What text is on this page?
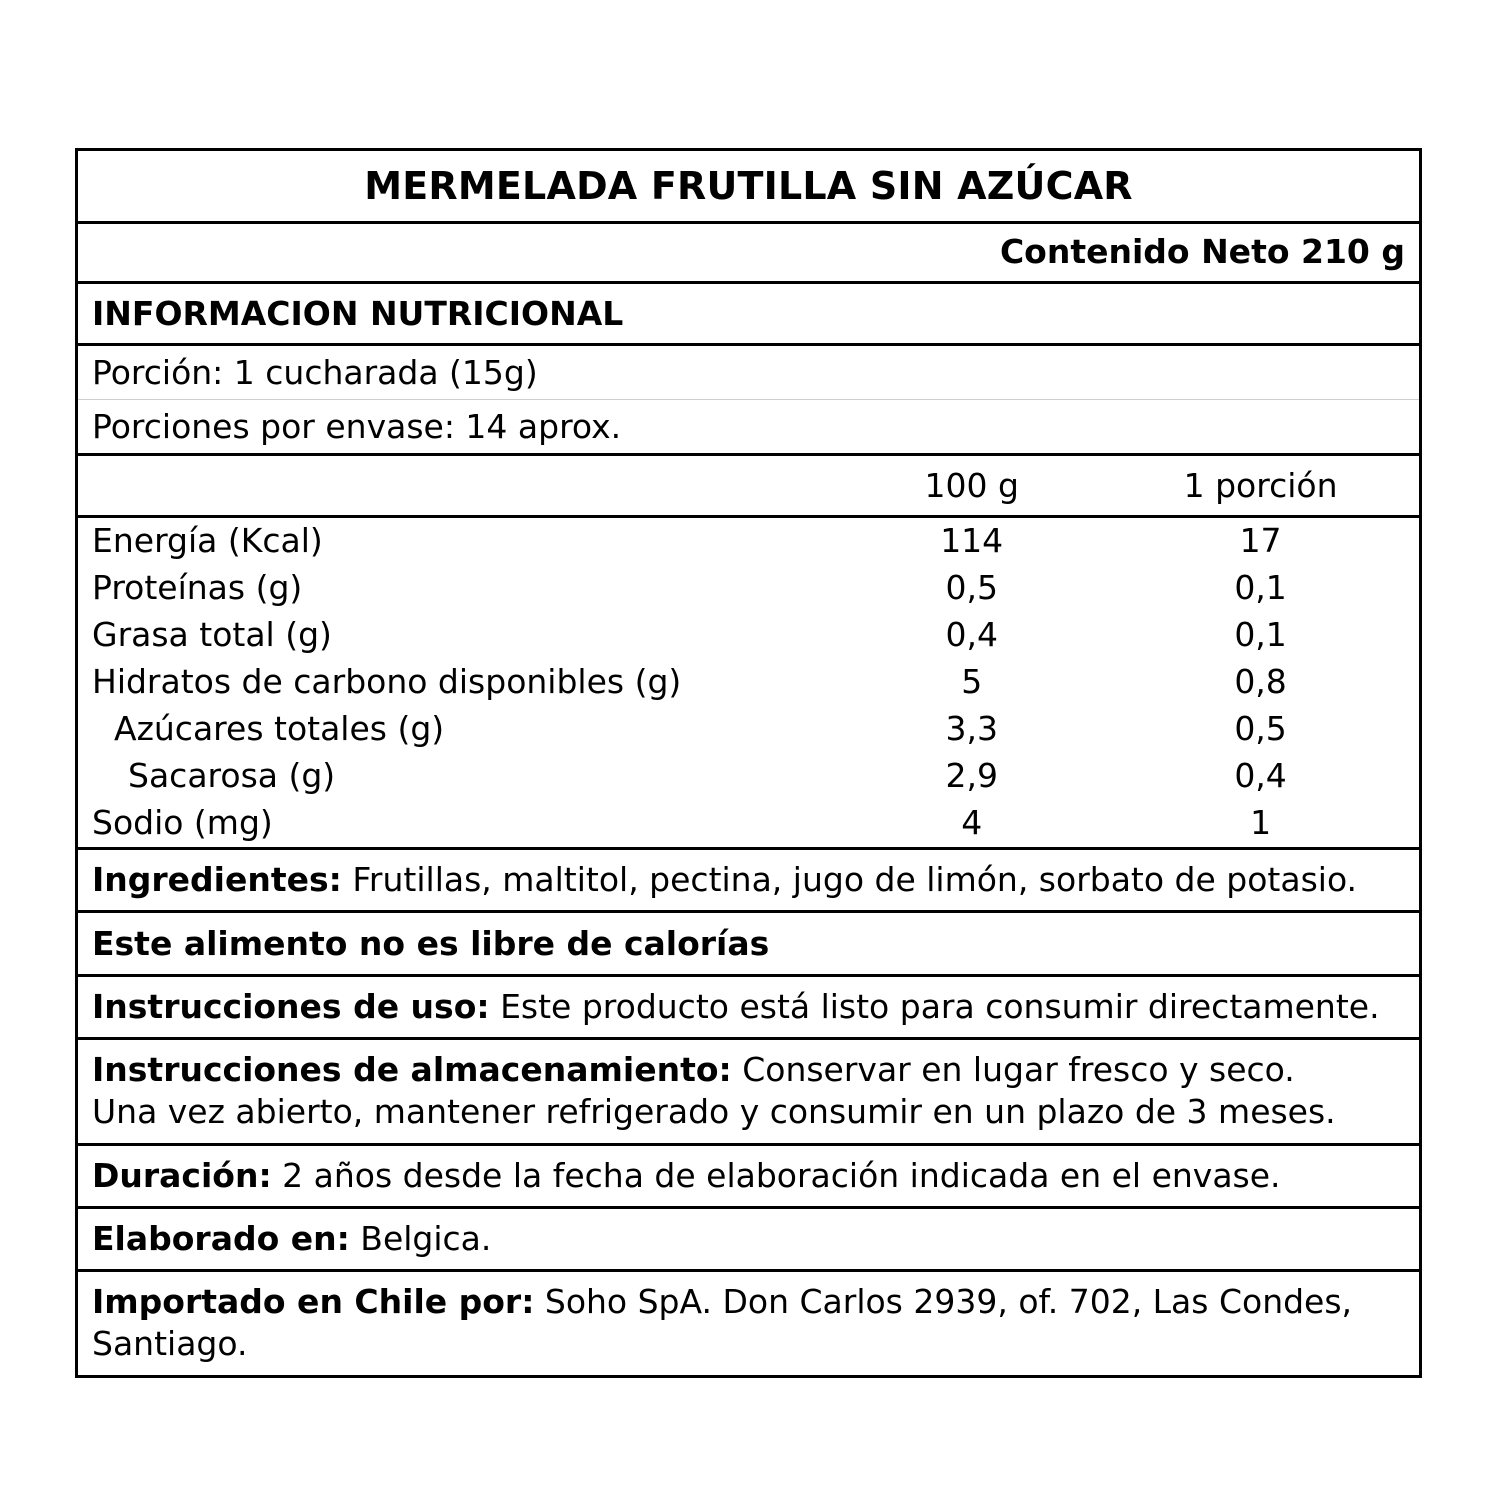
MERMELADA FRUTILLA SIN AZÚCAR
Contenido Neto 210 g
INFORMACION NUTRICIONAL
Porción: 1 cucharada (15g)
Porciones por envase: 14 aprox.
	100 g	1 porción
Energía (Kcal)	114	17
Proteínas (g)	0,5	0,1
Grasa total (g)	0,4	0,1
Hidratos de carbono disponibles (g)	5	0,8
Azúcares totales (g)	3,3	0,5
Sacarosa (g)	2,9	0,4
Sodio (mg)	4	1
Ingredientes: Frutillas, maltitol, pectina, jugo de limón, sorbato de potasio.
Este alimento no es libre de calorías
Instrucciones de uso: Este producto está listo para consumir directamente.
Instrucciones de almacenamiento: Conservar en lugar fresco y seco.
Una vez abierto, mantener refrigerado y consumir en un plazo de 3 meses.
Duración: 2 años desde la fecha de elaboración indicada en el envase.
Elaborado en: Belgica.
Importado en Chile por: Soho SpA. Don Carlos 2939, of. 702, Las Condes, Santiago.
